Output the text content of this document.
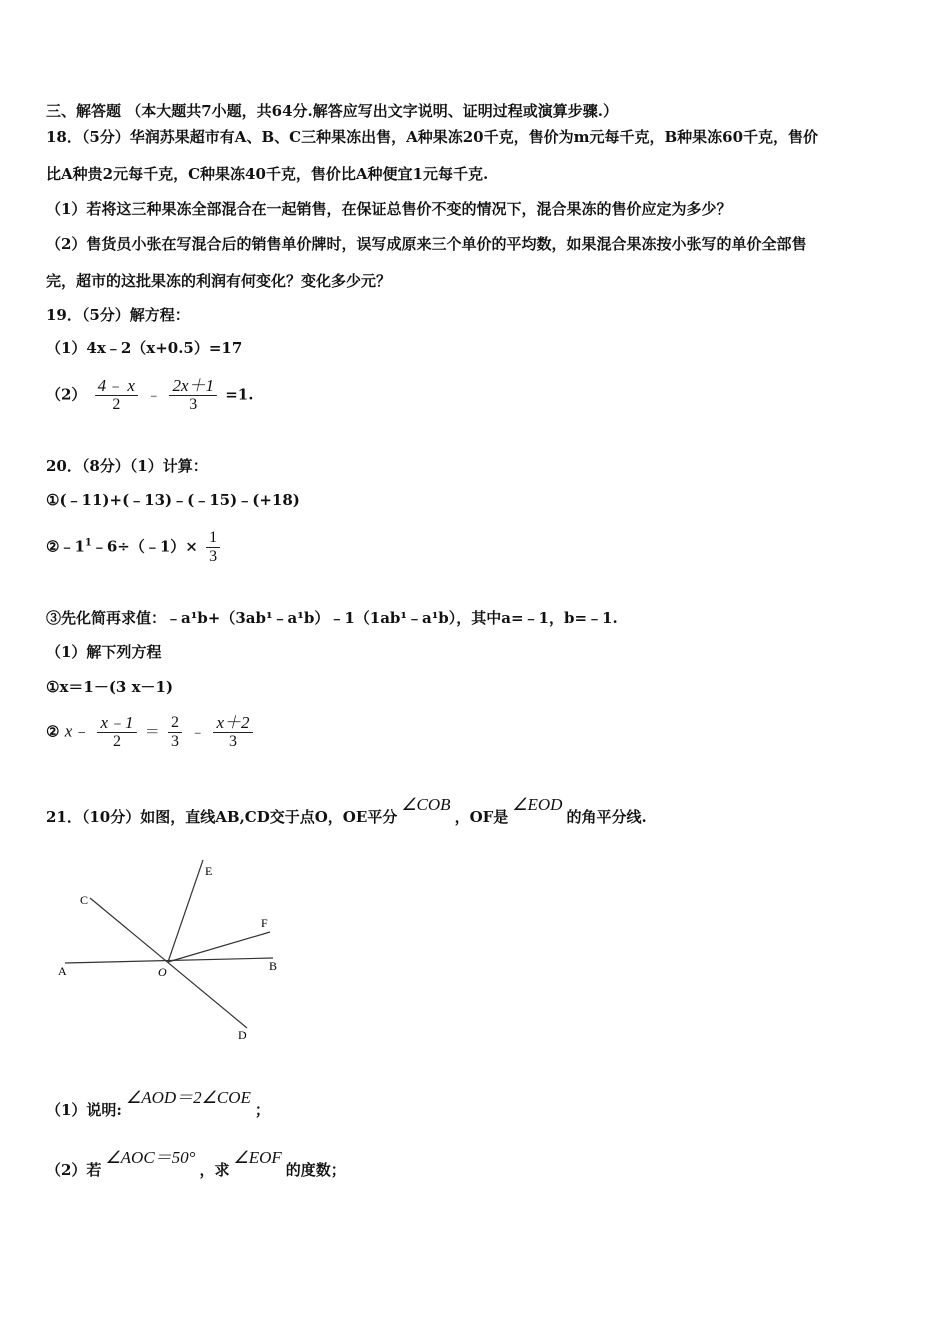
三、解答题 （本大题共7小题，共64分.解答应写出文字说明、证明过程或演算步骤.）
18．（5分）华润苏果超市有A、B、C三种果冻出售，A种果冻20千克，售价为m元每千克，B种果冻60千克，售价
比A种贵2元每千克，C种果冻40千克，售价比A种便宜1元每千克.
（1）若将这三种果冻全部混合在一起销售，在保证总售价不变的情况下，混合果冻的售价应定为多少？
（2）售货员小张在写混合后的销售单价牌时，误写成原来三个单价的平均数，如果混合果冻按小张写的单价全部售
完，超市的这批果冻的利润有何变化？变化多少元？
19．（5分）解方程：
（1）4x﹣2（x+0.5）=17
$(2) \frac{4﹣ x}{2}$ ﹣ $\frac{2x+1}{3} =1$.
20．（8分）（1）计算：
①(﹣11)+(﹣13)﹣(﹣15)﹣(+18)
$②﹣1^1﹣6\div(﹣1)\times \frac{1}{3}$
③先化简再求值：﹣a¹b+（3ab¹﹣a¹b）﹣1（1ab¹﹣a¹b），其中a=﹣1，b=﹣1.
（1）解下列方程
①x＝1－(3 x－1)
② x﹣ $\frac{x﹣1}{2} = \frac{2}{3}$ ﹣ $\frac{x+2}{3}$
21．（10分）如图，直线AB,CD交于点O，OE平分∠COB，OF是∠EOD的角平分线.
A	B
C
D
E
F
O
（1）说明:∠AOD＝2∠COE；
（2）若∠AOC＝50°，求∠EOF的度数；
